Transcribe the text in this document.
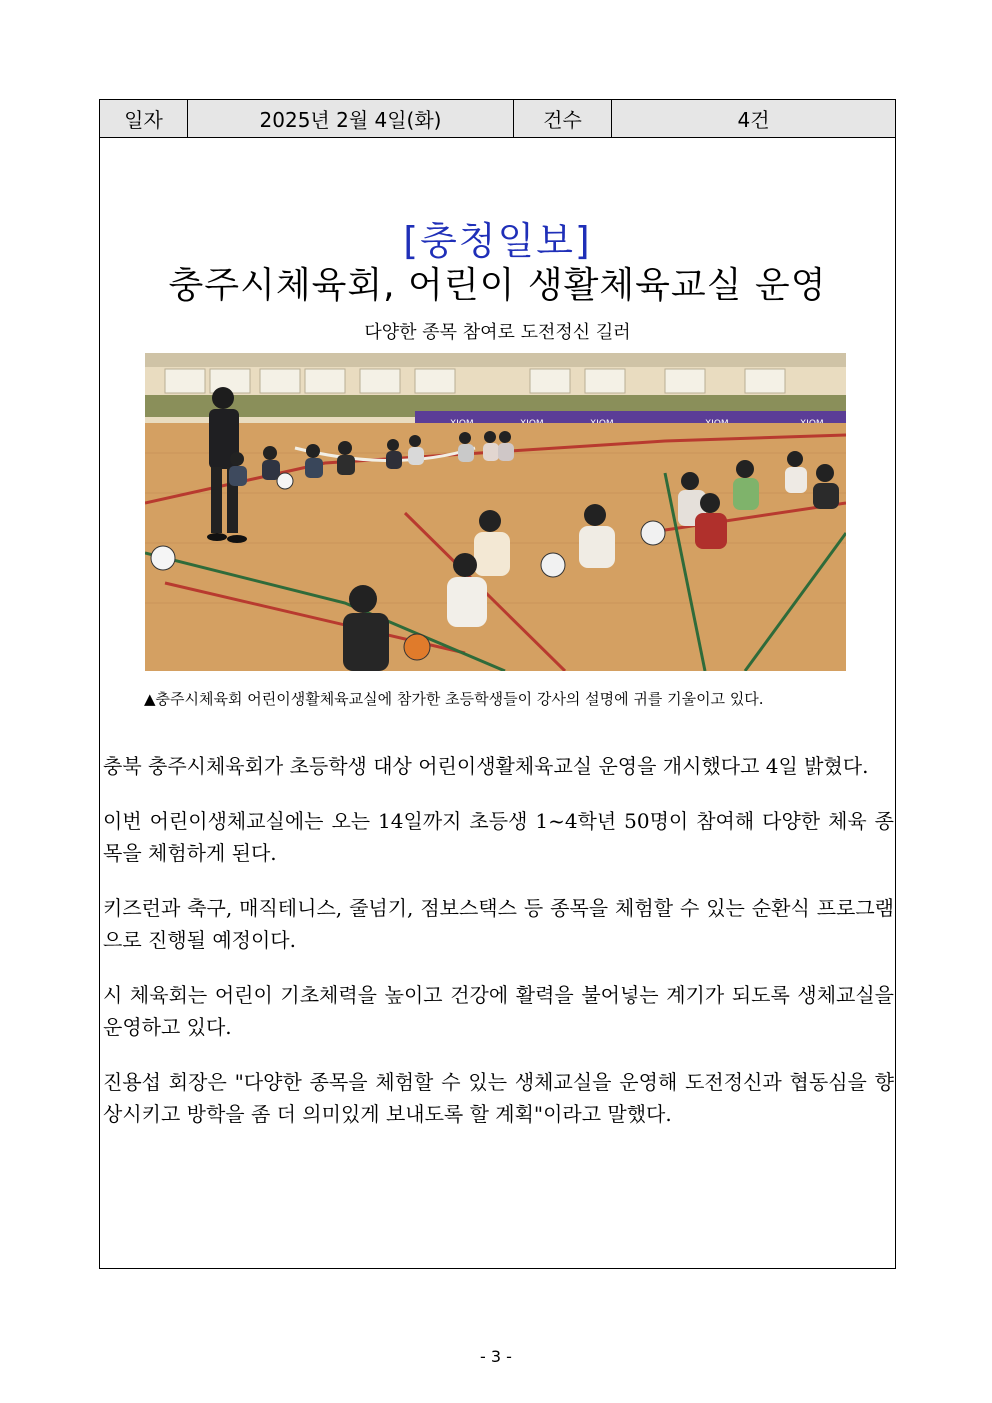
일자	2025년 2월 4일(화)	건수	4건
[충청일보]
충주시체육회, 어린이 생활체육교실 운영
다양한 종목 참여로 도전정신 길러
▲충주시체육회 어린이생활체육교실에 참가한 초등학생들이 강사의 설명에 귀를 기울이고 있다.

충북 충주시체육회가 초등학생 대상 어린이생활체육교실 운영을 개시했다고 4일 밝혔다.

이번 어린이생체교실에는 오는 14일까지 초등생 1~4학년 50명이 참여해 다양한 체육 종목을 체험하게 된다.

키즈런과 축구, 매직테니스, 줄넘기, 점보스택스 등 종목을 체험할 수 있는 순환식 프로그램으로 진행될 예정이다.

시 체육회는 어린이 기초체력을 높이고 건강에 활력을 불어넣는 계기가 되도록 생체교실을 운영하고 있다.

진용섭 회장은 "다양한 종목을 체험할 수 있는 생체교실을 운영해 도전정신과 협동심을 향상시키고 방학을 좀 더 의미있게 보내도록 할 계획"이라고 말했다.

- 3 -
